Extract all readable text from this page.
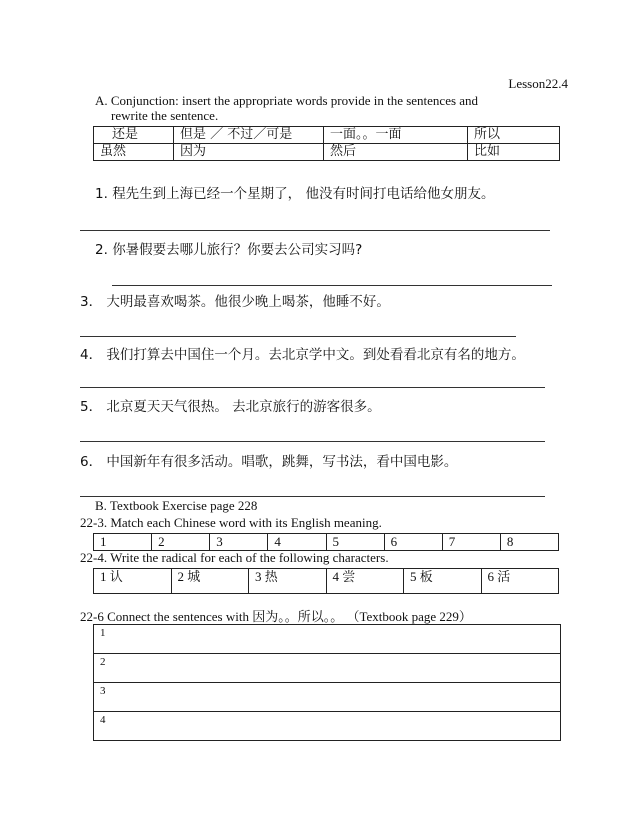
Lesson22.4
A. Conjunction: insert the appropriate words provide in the sentences and
rewrite the sentence.
还是	但是 ／ 不过／可是	一面。。一面	所以
虽然	因为	然后	比如
1. 程先生到上海已经一个星期了， 他没有时间打电话给他女朋友。
2. 你暑假要去哪儿旅行？你要去公司实习吗?
3． 大明最喜欢喝茶。他很少晚上喝茶，他睡不好。
4． 我们打算去中国住一个月。去北京学中文。到处看看北京有名的地方。
5． 北京夏天天气很热。 去北京旅行的游客很多。
6． 中国新年有很多活动。唱歌，跳舞，写书法，看中国电影。
B. Textbook Exercise page 228
22-3. Match each Chinese word with its English meaning.
1	2	3	4	5	6	7	8
22-4. Write the radical for each of the following characters.
1 认	2 城	3 热	4 尝	5 板	6 活
22-6 Connect the sentences with 因为。。所以。。 （Textbook page 229）
1
2
3
4
